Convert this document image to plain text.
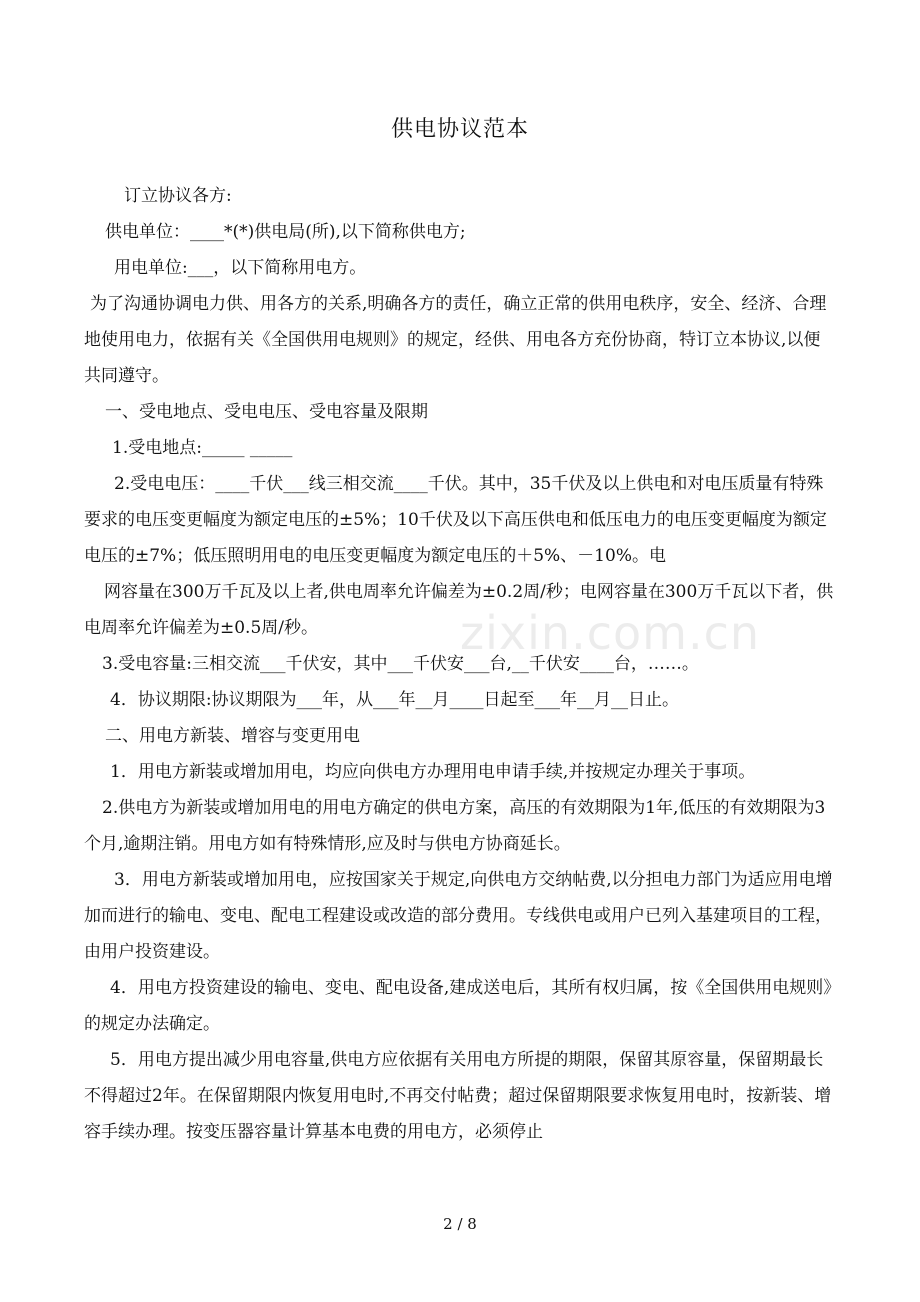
供电协议范本

订立协议各方:

供电单位：____*(*)供电局(所),以下简称供电方;

用电单位:___，以下简称用电方。

为了沟通协调电力供、用各方的关系,明确各方的责任，确立正常的供用电秩序，安全、经济、合理地使用电力，依据有关《全国供用电规则》的规定，经供、用电各方充份协商，特订立本协议,以便共同遵守。

一、受电地点、受电电压、受电容量及限期

1.受电地点:_____ _____

2.受电电压：____千伏___线三相交流____千伏。其中，35千伏及以上供电和对电压质量有特殊要求的电压变更幅度为额定电压的±5%；10千伏及以下高压供电和低压电力的电压变更幅度为额定电压的±7%；低压照明用电的电压变更幅度为额定电压的＋5%、－10%。电

网容量在300万千瓦及以上者,供电周率允许偏差为±0.2周/秒；电网容量在300万千瓦以下者，供电周率允许偏差为±0.5周/秒。

3.受电容量:三相交流___千伏安，其中___千伏安___台,__千伏安____台，……。

4．协议期限:协议期限为___年，从___年__月____日起至___年__月__日止。

二、用电方新装、增容与变更用电

1．用电方新装或增加用电，均应向供电方办理用电申请手续,并按规定办理关于事项。

2.供电方为新装或增加用电的用电方确定的供电方案，高压的有效期限为1年,低压的有效期限为3个月,逾期注销。用电方如有特殊情形,应及时与供电方协商延长。

3．用电方新装或增加用电，应按国家关于规定,向供电方交纳帖费,以分担电力部门为适应用电增加而进行的输电、变电、配电工程建设或改造的部分费用。专线供电或用户已列入基建项目的工程，由用户投资建设。

4．用电方投资建设的输电、变电、配电设备,建成送电后，其所有权归属，按《全国供用电规则》的规定办法确定。

5．用电方提出减少用电容量,供电方应依据有关用电方所提的期限，保留其原容量，保留期最长不得超过2年。在保留期限内恢复用电时,不再交付帖费；超过保留期限要求恢复用电时，按新装、增容手续办理。按变压器容量计算基本电费的用电方，必须停止

zixin.com.cn
2 / 8
